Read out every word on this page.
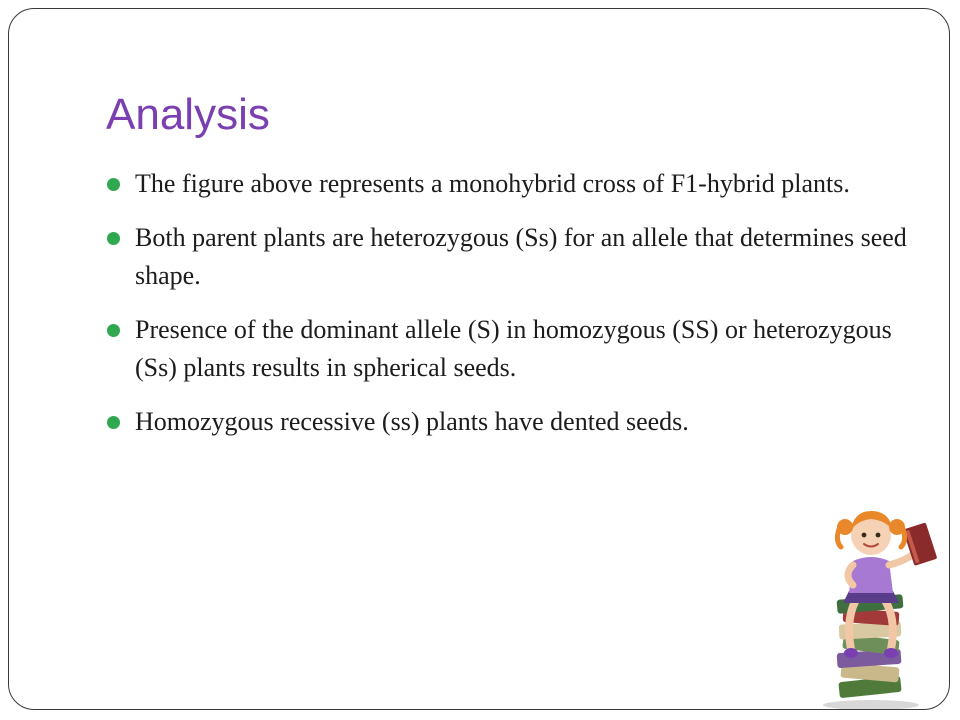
Analysis
The figure above represents a monohybrid cross of F1-hybrid plants.
Both parent plants are heterozygous (Ss) for an allele that determines seed shape.
Presence of the dominant allele (S) in homozygous (SS) or heterozygous (Ss) plants results in spherical seeds.
Homozygous recessive (ss) plants have dented seeds.
